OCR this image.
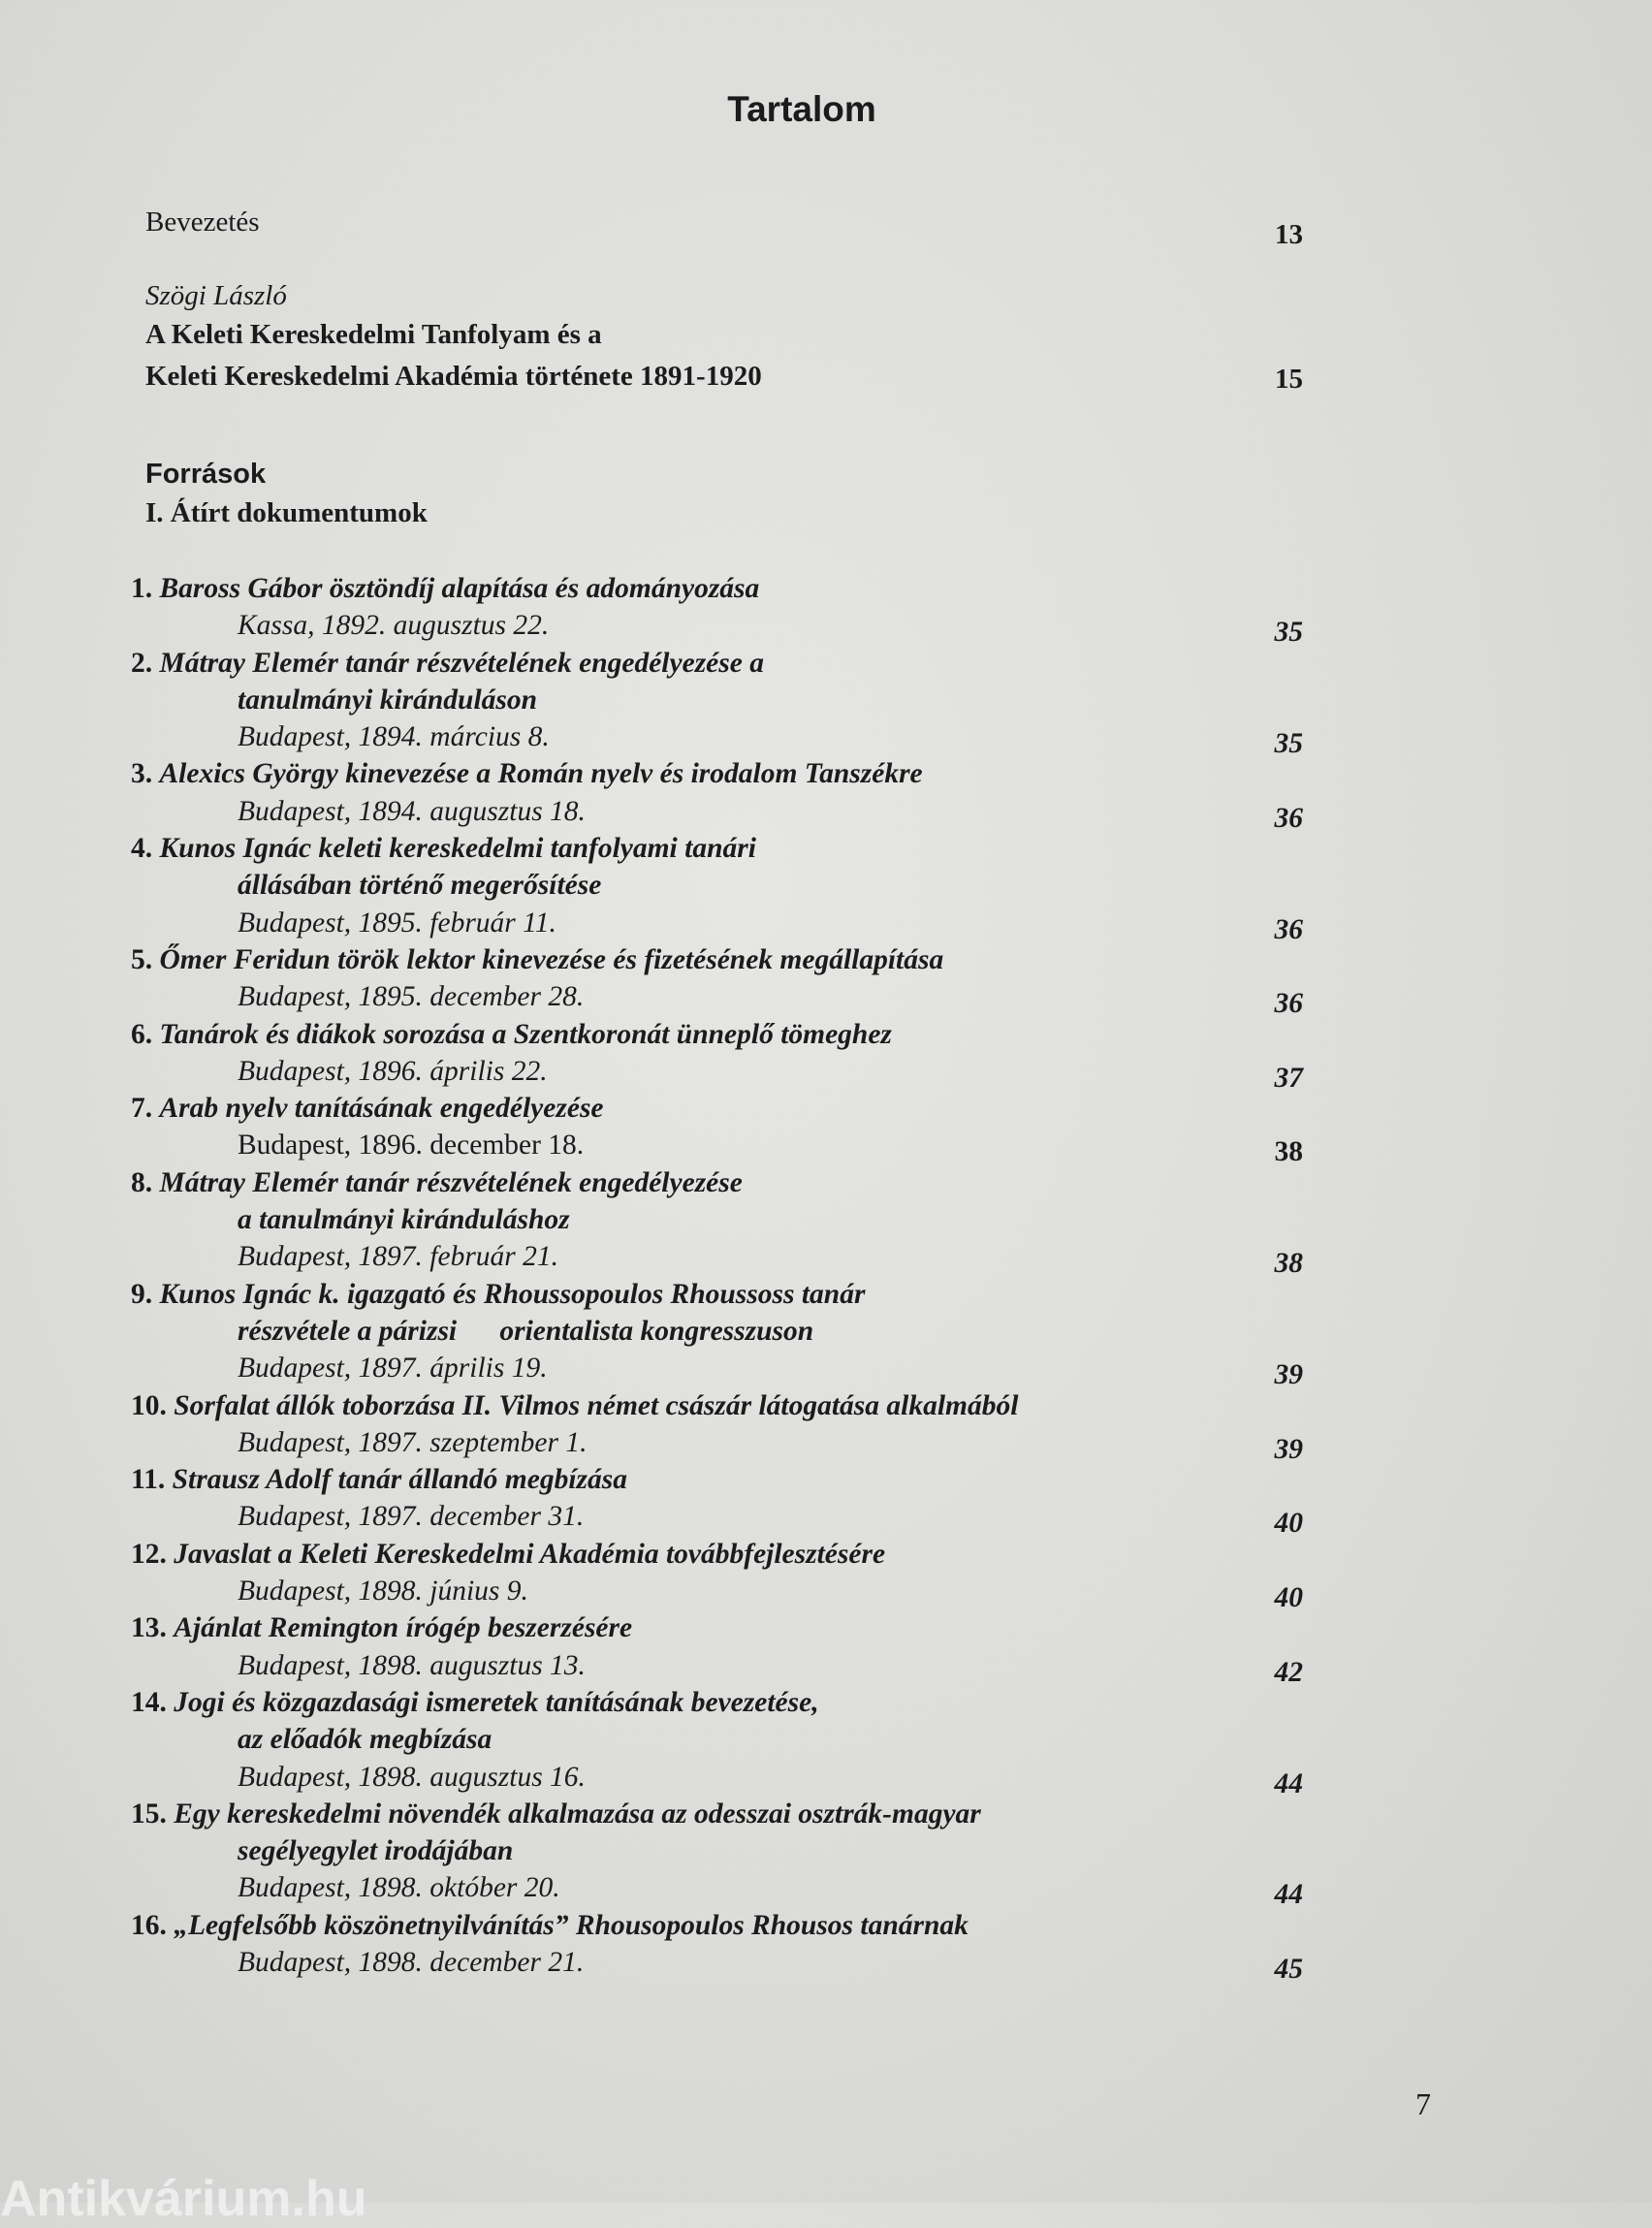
Tartalom
Bevezetés	13
Szögi László
A Keleti Kereskedelmi Tanfolyam és a
Keleti Kereskedelmi Akadémia története 1891-1920	15
Források
I. Átírt dokumentumok
1. Baross Gábor ösztöndíj alapítása és adományozása
Kassa, 1892. augusztus 22.	35
2. Mátray Elemér tanár részvételének engedélyezése a
tanulmányi kiránduláson
Budapest, 1894. március 8.	35
3. Alexics György kinevezése a Román nyelv és irodalom Tanszékre
Budapest, 1894. augusztus 18.	36
4. Kunos Ignác keleti kereskedelmi tanfolyami tanári
állásában történő megerősítése
Budapest, 1895. február 11.	36
5. Őmer Feridun török lektor kinevezése és fizetésének megállapítása
Budapest, 1895. december 28.	36
6. Tanárok és diákok sorozása a Szentkoronát ünneplő tömeghez
Budapest, 1896. április 22.	37
7. Arab nyelv tanításának engedélyezése
Budapest, 1896. december 18.	38
8. Mátray Elemér tanár részvételének engedélyezése
a tanulmányi kiránduláshoz
Budapest, 1897. február 21.	38
9. Kunos Ignác k. igazgató és Rhoussopoulos Rhoussoss tanár
részvétele a párizsi      orientalista kongresszuson
Budapest, 1897. április 19.	39
10. Sorfalat állók toborzása II. Vilmos német császár látogatása alkalmából
Budapest, 1897. szeptember 1.	39
11. Strausz Adolf tanár állandó megbízása
Budapest, 1897. december 31.	40
12. Javaslat a Keleti Kereskedelmi Akadémia továbbfejlesztésére
Budapest, 1898. június 9.	40
13. Ajánlat Remington írógép beszerzésére
Budapest, 1898. augusztus 13.	42
14. Jogi és közgazdasági ismeretek tanításának bevezetése,
az előadók megbízása
Budapest, 1898. augusztus 16.	44
15. Egy kereskedelmi növendék alkalmazása az odesszai osztrák-magyar
segélyegylet irodájában
Budapest, 1898. október 20.	44
16. „Legfelsőbb köszönetnyilvánítás” Rhousopoulos Rhousos tanárnak
Budapest, 1898. december 21.	45
7
Antikvárium.hu
